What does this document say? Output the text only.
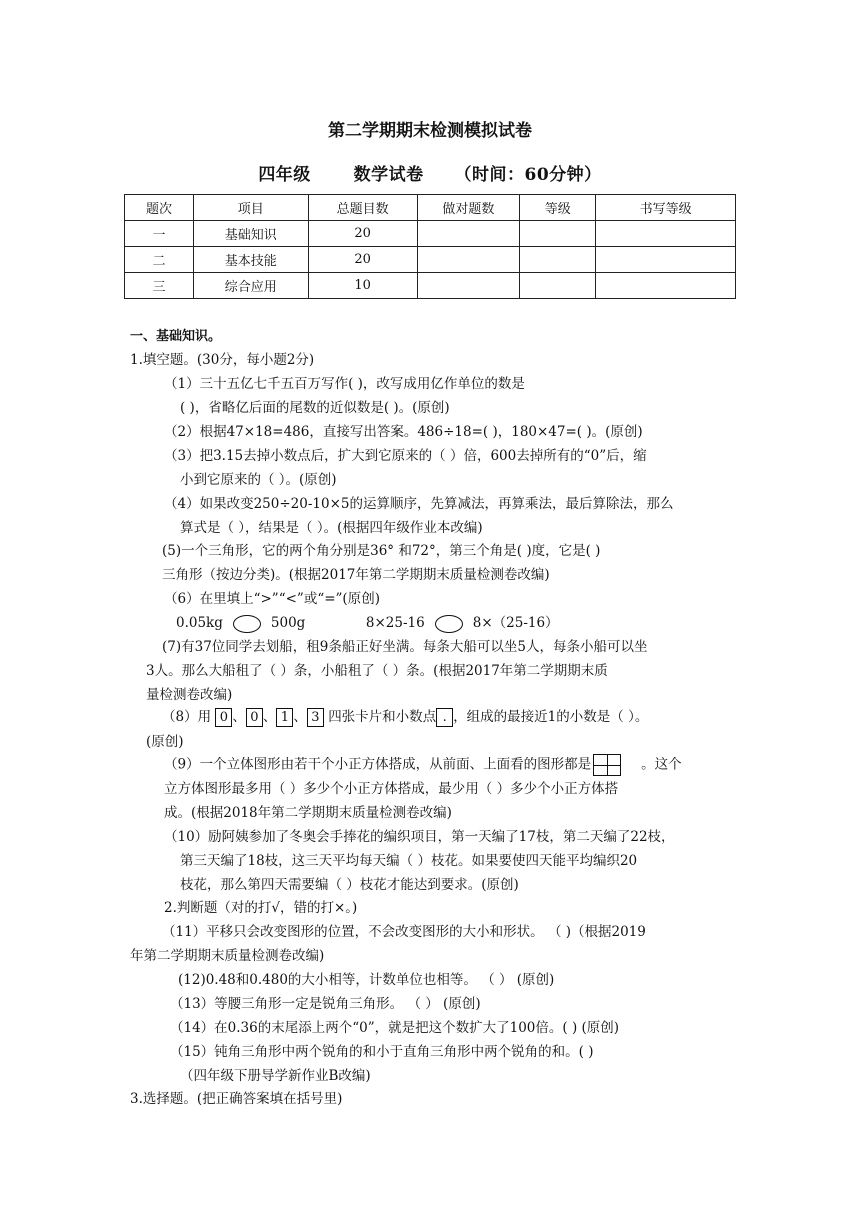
第二学期期末检测模拟试卷
四年级	数学试卷 （时间：60分钟）
题次	项目	总题目数	做对题数	等级	书写等级
一	基础知识	20			
二	基本技能	20			
三	综合应用	10			
一、基础知识。
1.填空题。(30分，每小题2分)
（1）三十五亿七千五百万写作( )，改写成用亿作单位的数是
( )，省略亿后面的尾数的近似数是( )。(原创)
（2）根据47×18=486，直接写出答案。486÷18=( )，180×47=( )。(原创)
（3）把3.15去掉小数点后，扩大到它原来的（ ）倍，600去掉所有的“0”后，缩
小到它原来的（ ）。(原创)
（4）如果改变250÷20-10×5的运算顺序，先算减法，再算乘法，最后算除法，那么
算式是（ ），结果是（ ）。(根据四年级作业本改编)
(5)一个三角形，它的两个角分别是36° 和72°，第三个角是( )度，它是( )
三角形（按边分类)。(根据2017年第二学期期末质量检测卷改编)
（6）在里填上“>”“<”或“=”(原创)
0.05kg	500g	8×25-16	8×（25-16）
(7)有37位同学去划船，租9条船正好坐满。每条大船可以坐5人，每条小船可以坐
3人。那么大船租了（ ）条，小船租了（ ）条。(根据2017年第二学期期末质
量检测卷改编)
（8）用 0 、 0 、 1 、 3 四张卡片和小数点 . ，组成的最接近1的小数是（ ）。
(原创)
（9）一个立体图形由若干个小正方体搭成，从前面、上面看的图形都是	。这个
立方体图形最多用（ ）多少个小正方体搭成，最少用（ ）多少个小正方体搭
成。(根据2018年第二学期期末质量检测卷改编)
（10）励阿姨参加了冬奥会手捧花的编织项目，第一天编了17枝，第二天编了22枝，
第三天编了18枝，这三天平均每天编（ ）枝花。如果要使四天能平均编织20
枝花，那么第四天需要编（ ）枝花才能达到要求。(原创)
2.判断题（对的打√，错的打×。)
（11）平移只会改变图形的位置，不会改变图形的大小和形状。 （ )（根据2019
年第二学期期末质量检测卷改编)
(12)0.48和0.480的大小相等，计数单位也相等。 （ ） (原创)
（13）等腰三角形一定是锐角三角形。 （ ） (原创)
（14）在0.36的末尾添上两个“0”，就是把这个数扩大了100倍。( ) (原创)
（15）钝角三角形中两个锐角的和小于直角三角形中两个锐角的和。( )
（四年级下册导学新作业B改编)
3.选择题。(把正确答案填在括号里)
